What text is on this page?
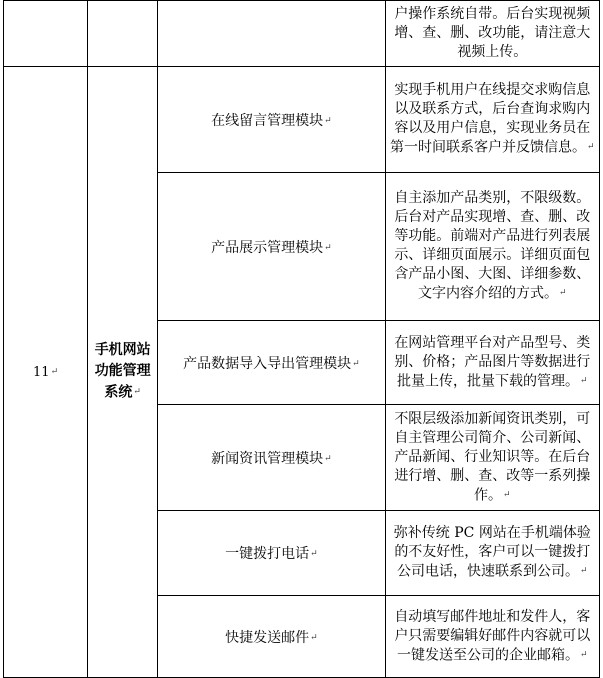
			户操作系统自带。后台实现视频增、查、删、改功能，请注意大视频上传。

11↵	手机网站功能管理系统↵	在线留言管理模块↵	实现手机用户在线提交求购信息以及联系方式，后台查询求购内容以及用户信息，实现业务员在第一时间联系客户并反馈信息。↵

		产品展示管理模块↵	自主添加产品类别，不限级数。后台对产品实现增、查、删、改等功能。前端对产品进行列表展示、详细页面展示。详细页面包含产品小图、大图、详细参数、文字内容介绍的方式。↵

		产品数据导入导出管理模块↵	在网站管理平台对产品型号、类别、价格；产品图片等数据进行批量上传，批量下载的管理。↵

		新闻资讯管理模块↵	不限层级添加新闻资讯类别，可自主管理公司简介、公司新闻、产品新闻、行业知识等。在后台进行增、删、查、改等一系列操作。↵

		一键拨打电话↵	弥补传统 PC 网站在手机端体验的不友好性，客户可以一键拨打公司电话，快速联系到公司。↵

		快捷发送邮件↵	自动填写邮件地址和发件人，客户只需要编辑好邮件内容就可以一键发送至公司的企业邮箱。↵
